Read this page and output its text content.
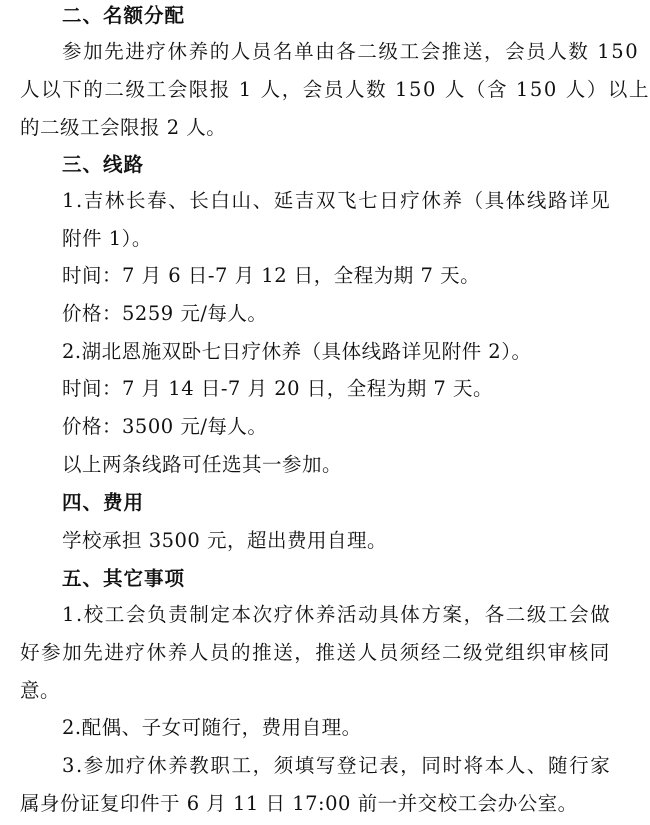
二、名额分配
参加先进疗休养的人员名单由各二级工会推送，会员人数 150
人以下的二级工会限报 1 人，会员人数 150 人（含 150 人）以上
的二级工会限报 2 人。
三、线路
1.吉林长春、长白山、延吉双飞七日疗休养（具体线路详见
附件 1）。
时间：7 月 6 日-7 月 12 日，全程为期 7 天。
价格：5259 元/每人。
2.湖北恩施双卧七日疗休养（具体线路详见附件 2）。
时间：7 月 14 日-7 月 20 日，全程为期 7 天。
价格：3500 元/每人。
以上两条线路可任选其一参加。
四、费用
学校承担 3500 元，超出费用自理。
五、其它事项
1.校工会负责制定本次疗休养活动具体方案，各二级工会做
好参加先进疗休养人员的推送，推送人员须经二级党组织审核同
意。
2.配偶、子女可随行，费用自理。
3.参加疗休养教职工，须填写登记表，同时将本人、随行家
属身份证复印件于 6 月 11 日 17:00 前一并交校工会办公室。
